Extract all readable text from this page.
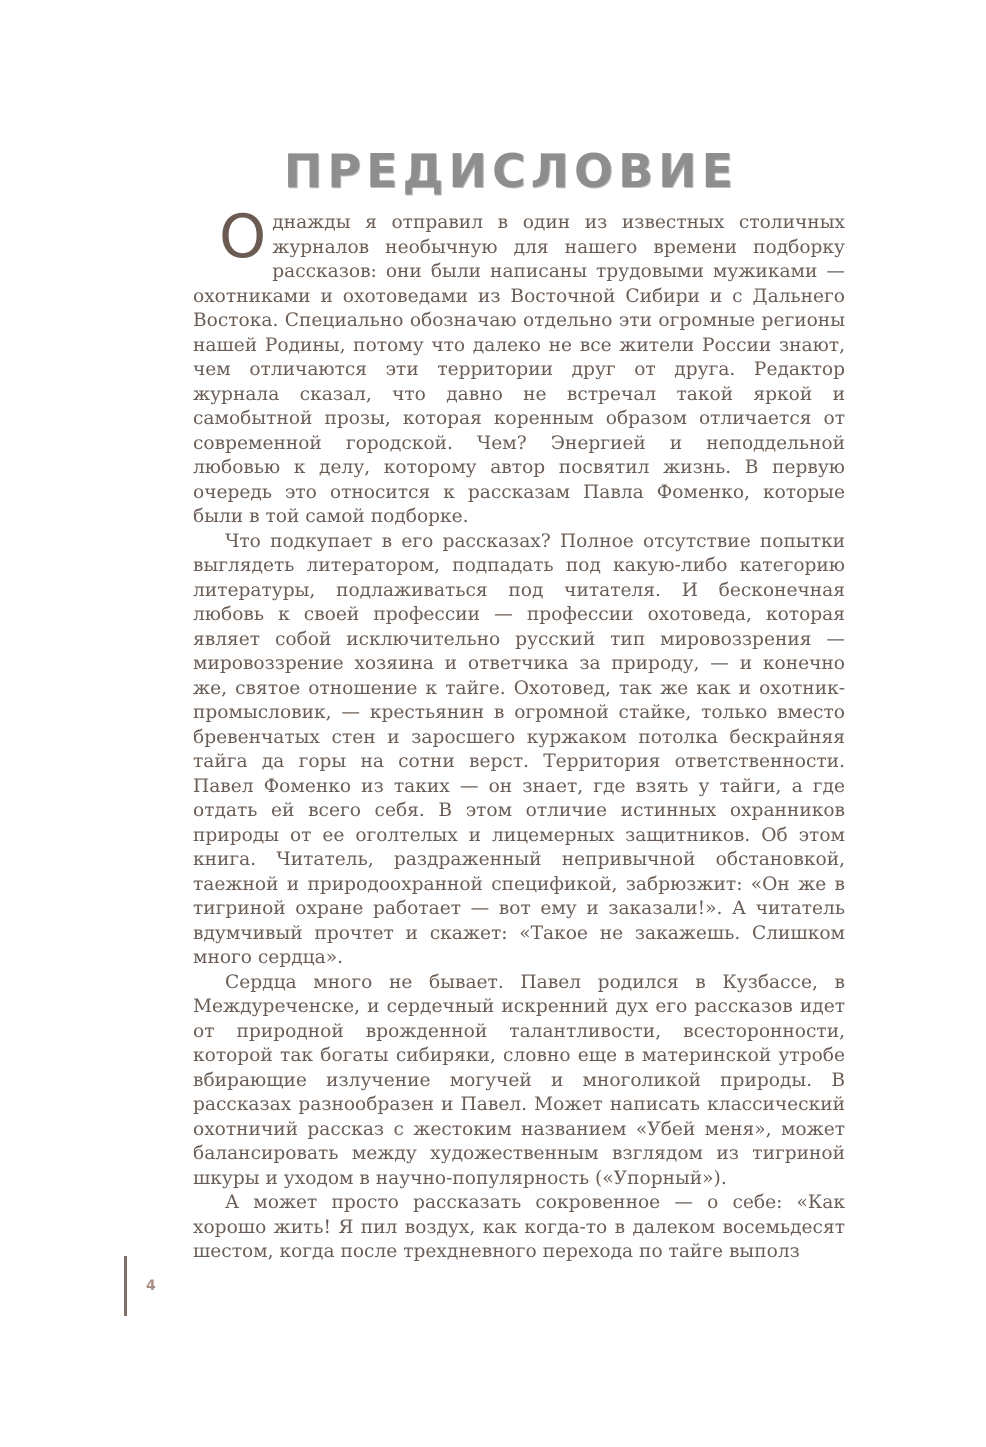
ПРЕДИСЛОВИЕ

Однажды я отправил в один из известных столичных журналов необычную для нашего времени подборку рассказов: они были написаны трудовыми мужиками — охотниками и охотоведами из Восточной Сибири и с Дальнего Востока. Специально обозначаю отдельно эти огромные регионы нашей Родины, потому что далеко не все жители России знают, чем отличаются эти территории друг от друга. Редактор журнала сказал, что давно не встречал такой яркой и самобытной прозы, которая коренным образом отличается от современной городской. Чем? Энергией и неподдельной любовью к делу, которому автор посвятил жизнь. В первую очередь это относится к рассказам Павла Фоменко, которые были в той самой подборке.

Что подкупает в его рассказах? Полное отсутствие попытки выглядеть литератором, подпадать под какую-либо категорию литературы, подлаживаться под читателя. И бесконечная любовь к своей профессии — профессии охотоведа, которая являет собой исключительно русский тип мировоззрения — мировоззрение хозяина и ответчика за природу, — и конечно же, святое отношение к тайге. Охотовед, так же как и охотник-промысловик, — крестьянин в огромной стайке, только вместо бревенчатых стен и заросшего куржаком потолка бескрайняя тайга да горы на сотни верст. Территория ответственности. Павел Фоменко из таких — он знает, где взять у тайги, а где отдать ей всего себя. В этом отличие истинных охранников природы от ее оголтелых и лицемерных защитников. Об этом книга. Читатель, раздраженный непривычной обстановкой, таежной и природоохранной спецификой, забрюзжит: «Он же в тигриной охране работает — вот ему и заказали!». А читатель вдумчивый прочтет и скажет: «Такое не закажешь. Слишком много сердца».

Сердца много не бывает. Павел родился в Кузбассе, в Междуреченске, и сердечный искренний дух его рассказов идет от природной врожденной талантливости, всесторонности, которой так богаты сибиряки, словно еще в материнской утробе вбирающие излучение могучей и многоликой природы. В рассказах разнообразен и Павел. Может написать классический охотничий рассказ с жестоким названием «Убей меня», может балансировать между художественным взглядом из тигриной шкуры и уходом в научно-популярность («Упорный»).

А может просто рассказать сокровенное — о себе: «Как хорошо жить! Я пил воздух, как когда-то в далеком восемьдесят шестом, когда после трехдневного перехода по тайге выполз

4
